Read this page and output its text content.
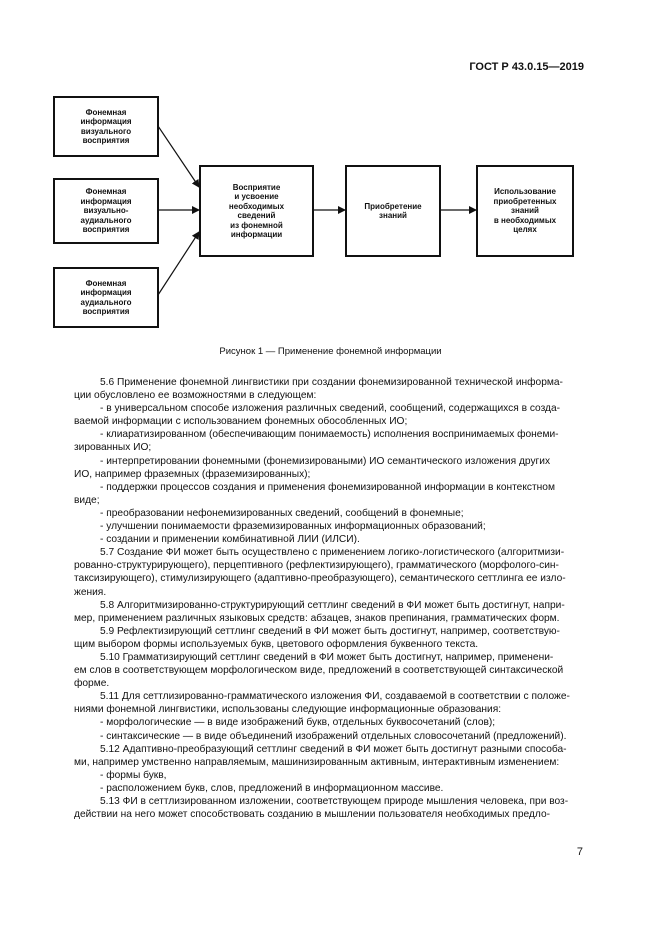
ГОСТ Р 43.0.15—2019
Фонемная
информация
визуального
восприятия
Фонемная
информация
визуально-
аудиального
восприятия
Фонемная
информация
аудиального
восприятия
Восприятие
и усвоение
необходимых
сведений
из фонемной
информации
Приобретение
знаний
Использование
приобретенных
знаний
в необходимых
целях
Рисунок 1 — Применение фонемной информации

5.6 Применение фонемной лингвистики при создании фонемизированной технической информа-

ции обусловлено ее возможностями в следующем:

- в универсальном способе изложения различных сведений, сообщений, содержащихся в созда-

ваемой информации с использованием фонемных обособленных ИО;

- клиаратизированном (обеспечивающим понимаемость) исполнения воспринимаемых фонеми-

зированных ИО;

- интерпретировании фонемными (фонемизироваными) ИО семантического изложения других

ИО, например фраземных (фраземизированных);

- поддержки процессов создания и применения фонемизированной информации в контекстном

виде;

- преобразовании нефонемизированных сведений, сообщений в фонемные;

- улучшении понимаемости фраземизированных информационных образований;

- создании и применении комбинативной ЛИИ (ИЛСИ).

5.7 Создание ФИ может быть осуществлено с применением логико-логистического (алгоритмизи-

рованно-структурирующего), перцептивного (рефлектизирующего), грамматического (морфолого-син-

таксизирующего), стимулизирующего (адаптивно-преобразующего), семантического сеттлинга ее изло-

жения.

5.8 Алгоритмизированно-структурирующий сеттлинг сведений в ФИ может быть достигнут, напри-

мер, применением различных языковых средств: абзацев, знаков препинания, грамматических форм.

5.9 Рефлектизирующий сеттлинг сведений в ФИ может быть достигнут, например, соответствую-

щим выбором формы используемых букв, цветового оформления буквенного текста.

5.10 Грамматизирующий сеттлинг сведений в ФИ может быть достигнут, например, применени-

ем слов в соответствующем морфологическом виде, предложений в соответствующей синтаксической

форме.

5.11 Для сеттлизированно-грамматического изложения ФИ, создаваемой в соответствии с положе-

ниями фонемной лингвистики, использованы следующие информационные образования:

- морфологические — в виде изображений букв, отдельных буквосочетаний (слов);

- синтаксические — в виде объединений изображений отдельных словосочетаний (предложений).

5.12 Адаптивно-преобразующий сеттлинг сведений в ФИ может быть достигнут разными способа-

ми, например умственно направляемым, машинизированным активным, интерактивным изменением:

- формы букв,

- расположением букв, слов, предложений в информационном массиве.

5.13 ФИ в сеттлизированном изложении, соответствующем природе мышления человека, при воз-

действии на него может способствовать созданию в мышлении пользователя необходимых предло-

7
